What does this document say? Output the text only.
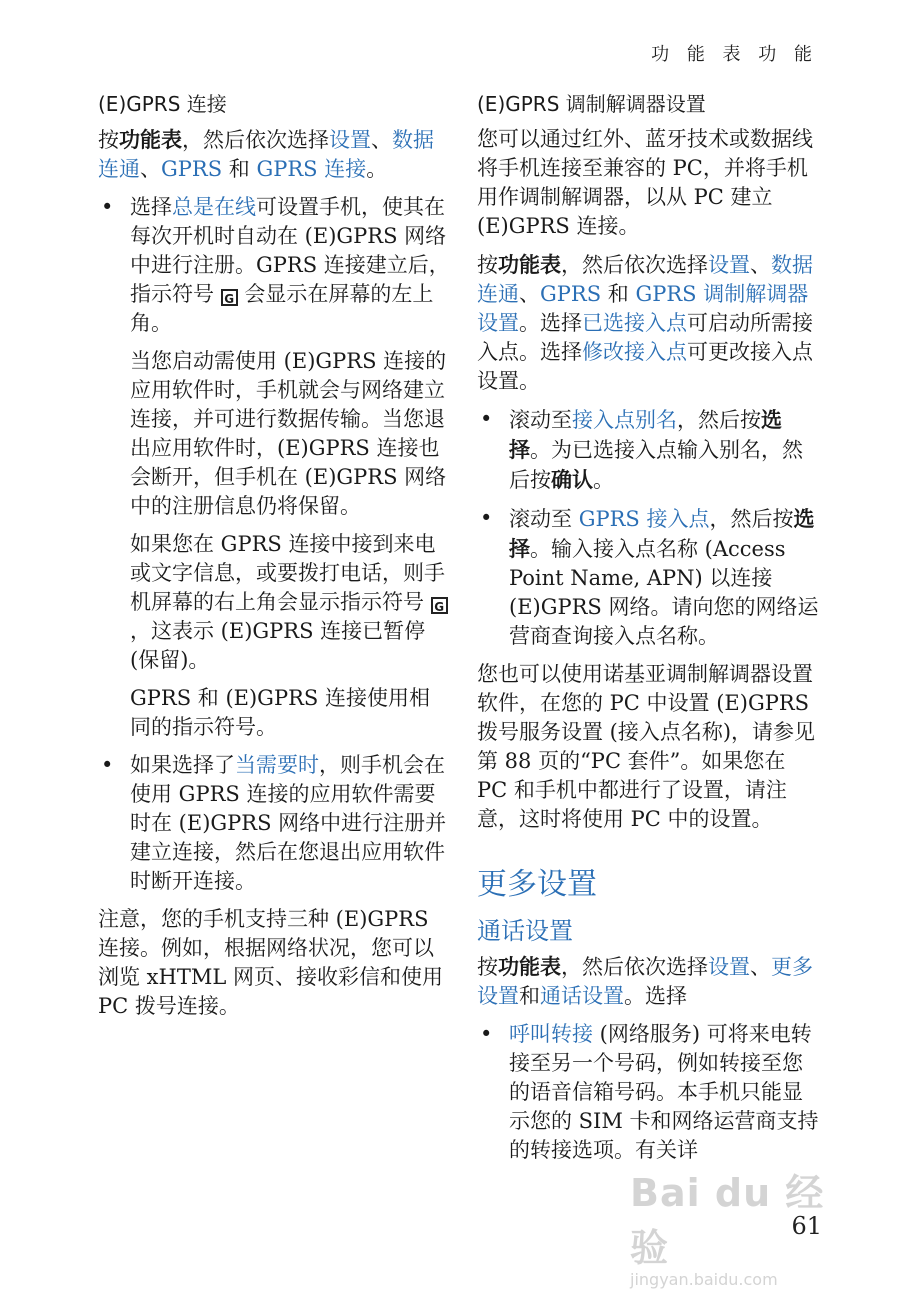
功 能 表 功 能
(E)GPRS 连接

按功能表，然后依次选择设置、数据连通、GPRS 和 GPRS 连接。

• 选择总是在线可设置手机，使其在每次开机时自动在 (E)GPRS 网络中进行注册。GPRS 连接建立后，指示符号 G 会显示在屏幕的左上角。

当您启动需使用 (E)GPRS 连接的应用软件时，手机就会与网络建立连接，并可进行数据传输。当您退出应用软件时，(E)GPRS 连接也会断开，但手机在 (E)GPRS 网络中的注册信息仍将保留。

如果您在 GPRS 连接中接到来电或文字信息，或要拨打电话，则手机屏幕的右上角会显示指示符号 G，这表示 (E)GPRS 连接已暂停 (保留)。

GPRS 和 (E)GPRS 连接使用相同的指示符号。

• 如果选择了当需要时，则手机会在使用 GPRS 连接的应用软件需要时在 (E)GPRS 网络中进行注册并建立连接，然后在您退出应用软件时断开连接。

注意，您的手机支持三种 (E)GPRS 连接。例如，根据网络状况，您可以浏览 xHTML 网页、接收彩信和使用 PC 拨号连接。

(E)GPRS 调制解调器设置

您可以通过红外、蓝牙技术或数据线将手机连接至兼容的 PC，并将手机用作调制解调器，以从 PC 建立 (E)GPRS 连接。

按功能表，然后依次选择设置、数据连通、GPRS 和 GPRS 调制解调器设置。选择已选接入点可启动所需接入点。选择修改接入点可更改接入点设置。

• 滚动至接入点别名，然后按选择。为已选接入点输入别名，然后按确认。
• 滚动至 GPRS 接入点，然后按选择。输入接入点名称 (Access Point Name, APN) 以连接 (E)GPRS 网络。请向您的网络运营商查询接入点名称。

您也可以使用诺基亚调制解调器设置软件，在您的 PC 中设置 (E)GPRS 拨号服务设置 (接入点名称)，请参见第 88 页的“PC 套件”。如果您在 PC 和手机中都进行了设置，请注意，这时将使用 PC 中的设置。

更多设置
通话设置

按功能表，然后依次选择设置、更多设置和通话设置。选择

• 呼叫转接 (网络服务) 可将来电转接至另一个号码，例如转接至您的语音信箱号码。本手机只能显示您的 SIM 卡和网络运营商支持的转接选项。有关详
Bai du 经验
jingyan.baidu.com
61
